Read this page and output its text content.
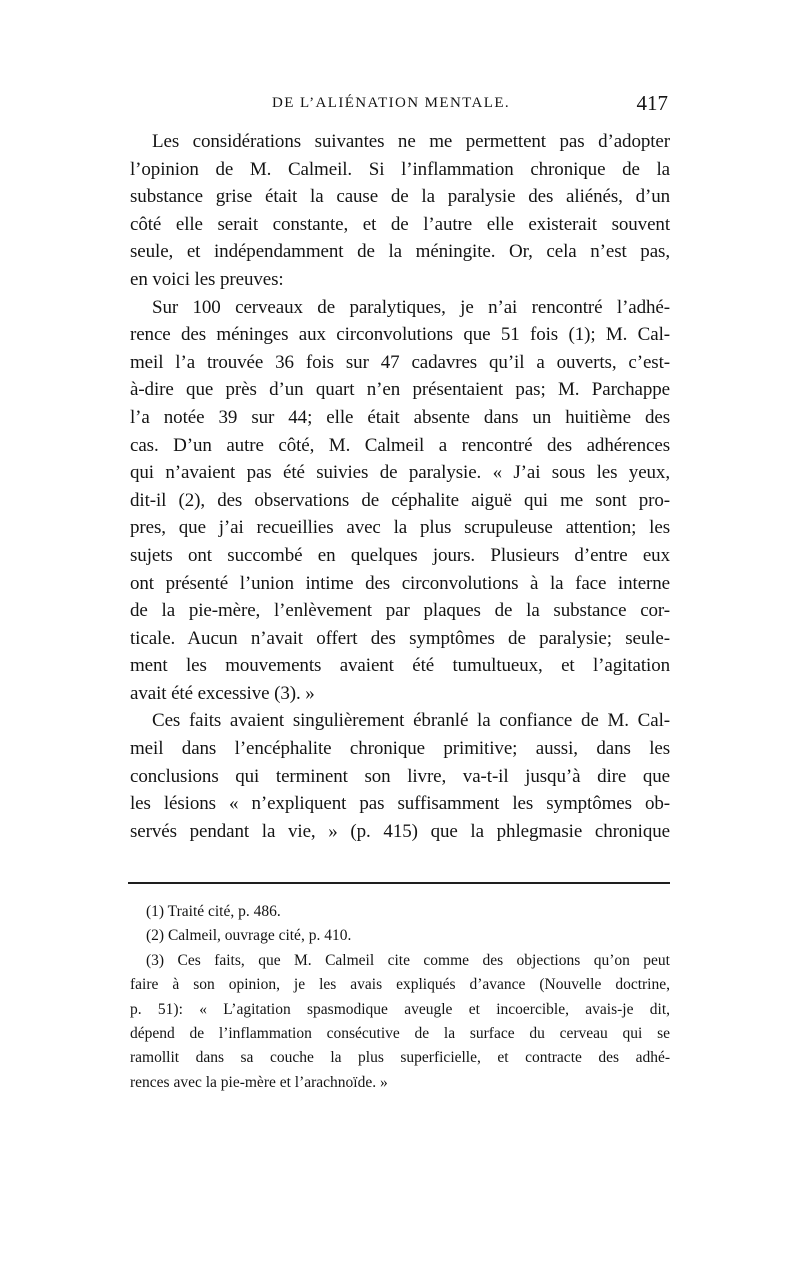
DE L’ALIÉNATION MENTALE.	417
Les considérations suivantes ne me permettent pas d’adopter
l’opinion de M. Calmeil. Si l’inflammation chronique de la
substance grise était la cause de la paralysie des aliénés, d’un
côté elle serait constante, et de l’autre elle existerait souvent
seule, et indépendamment de la méningite. Or, cela n’est pas,
en voici les preuves:
Sur 100 cerveaux de paralytiques, je n’ai rencontré l’adhé-
rence des méninges aux circonvolutions que 51 fois (1); M. Cal-
meil l’a trouvée 36 fois sur 47 cadavres qu’il a ouverts, c’est-
à-dire que près d’un quart n’en présentaient pas; M. Parchappe
l’a notée 39 sur 44; elle était absente dans un huitième des
cas. D’un autre côté, M. Calmeil a rencontré des adhérences
qui n’avaient pas été suivies de paralysie. « J’ai sous les yeux,
dit-il (2), des observations de céphalite aiguë qui me sont pro-
pres, que j’ai recueillies avec la plus scrupuleuse attention; les
sujets ont succombé en quelques jours. Plusieurs d’entre eux
ont présenté l’union intime des circonvolutions à la face interne
de la pie-mère, l’enlèvement par plaques de la substance cor-
ticale. Aucun n’avait offert des symptômes de paralysie; seule-
ment les mouvements avaient été tumultueux, et l’agitation
avait été excessive (3). »
Ces faits avaient singulièrement ébranlé la confiance de M. Cal-
meil dans l’encéphalite chronique primitive; aussi, dans les
conclusions qui terminent son livre, va-t-il jusqu’à dire que
les lésions « n’expliquent pas suffisamment les symptômes ob-
servés pendant la vie, » (p. 415) que la phlegmasie chronique
(1) Traité cité, p. 486.
(2) Calmeil, ouvrage cité, p. 410.
(3) Ces faits, que M. Calmeil cite comme des objections qu’on peut
faire à son opinion, je les avais expliqués d’avance (Nouvelle doctrine,
p. 51): « L’agitation spasmodique aveugle et incoercible, avais-je dit,
dépend de l’inflammation consécutive de la surface du cerveau qui se
ramollit dans sa couche la plus superficielle, et contracte des adhé-
rences avec la pie-mère et l’arachnoïde. »
